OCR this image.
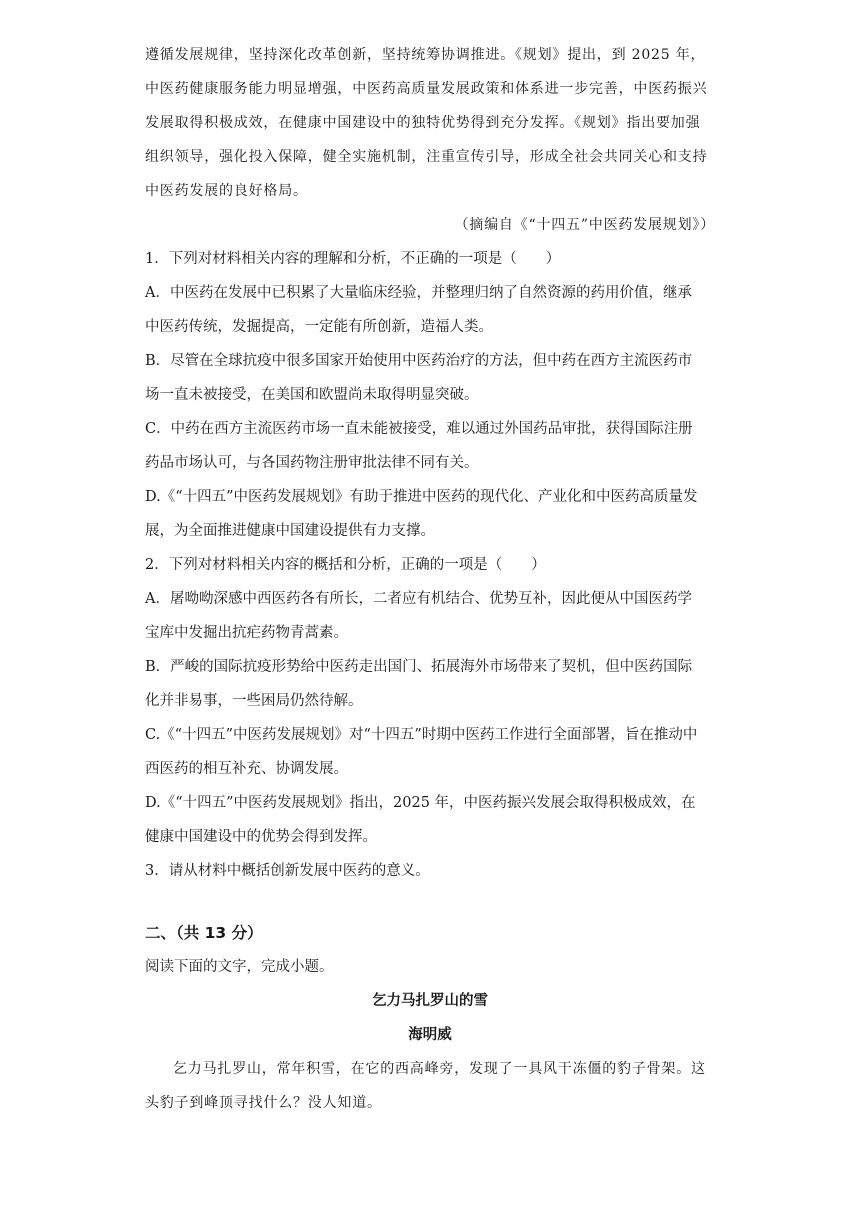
遵循发展规律，坚持深化改革创新，坚持统筹协调推进。《规划》提出，到 2025 年，

中医药健康服务能力明显增强，中医药高质量发展政策和体系进一步完善，中医药振兴

发展取得积极成效，在健康中国建设中的独特优势得到充分发挥。《规划》指出要加强

组织领导，强化投入保障，健全实施机制，注重宣传引导，形成全社会共同关心和支持

中医药发展的良好格局。

（摘编自《“十四五”中医药发展规划》）

1．下列对材料相关内容的理解和分析，不正确的一项是（　　）

A．中医药在发展中已积累了大量临床经验，并整理归纳了自然资源的药用价值，继承

中医药传统，发掘提高，一定能有所创新，造福人类。

B．尽管在全球抗疫中很多国家开始使用中医药治疗的方法，但中药在西方主流医药市

场一直未被接受，在美国和欧盟尚未取得明显突破。

C．中药在西方主流医药市场一直未能被接受，难以通过外国药品审批，获得国际注册

药品市场认可，与各国药物注册审批法律不同有关。

D.《“十四五”中医药发展规划》有助于推进中医药的现代化、产业化和中医药高质量发

展，为全面推进健康中国建设提供有力支撑。

2．下列对材料相关内容的概括和分析，正确的一项是（　　）

A．屠呦呦深感中西医药各有所长，二者应有机结合、优势互补，因此便从中国医药学

宝库中发掘出抗疟药物青蒿素。

B．严峻的国际抗疫形势给中医药走出国门、拓展海外市场带来了契机，但中医药国际

化并非易事，一些困局仍然待解。

C.《“十四五”中医药发展规划》对“十四五”时期中医药工作进行全面部署，旨在推动中

西医药的相互补充、协调发展。

D.《“十四五”中医药发展规划》指出，2025 年，中医药振兴发展会取得积极成效，在

健康中国建设中的优势会得到发挥。

3．请从材料中概括创新发展中医药的意义。

二、（共 13 分）

阅读下面的文字，完成小题。

乞力马扎罗山的雪

海明威

乞力马扎罗山，常年积雪，在它的西高峰旁，发现了一具风干冻僵的豹子骨架。这

头豹子到峰顶寻找什么？没人知道。
